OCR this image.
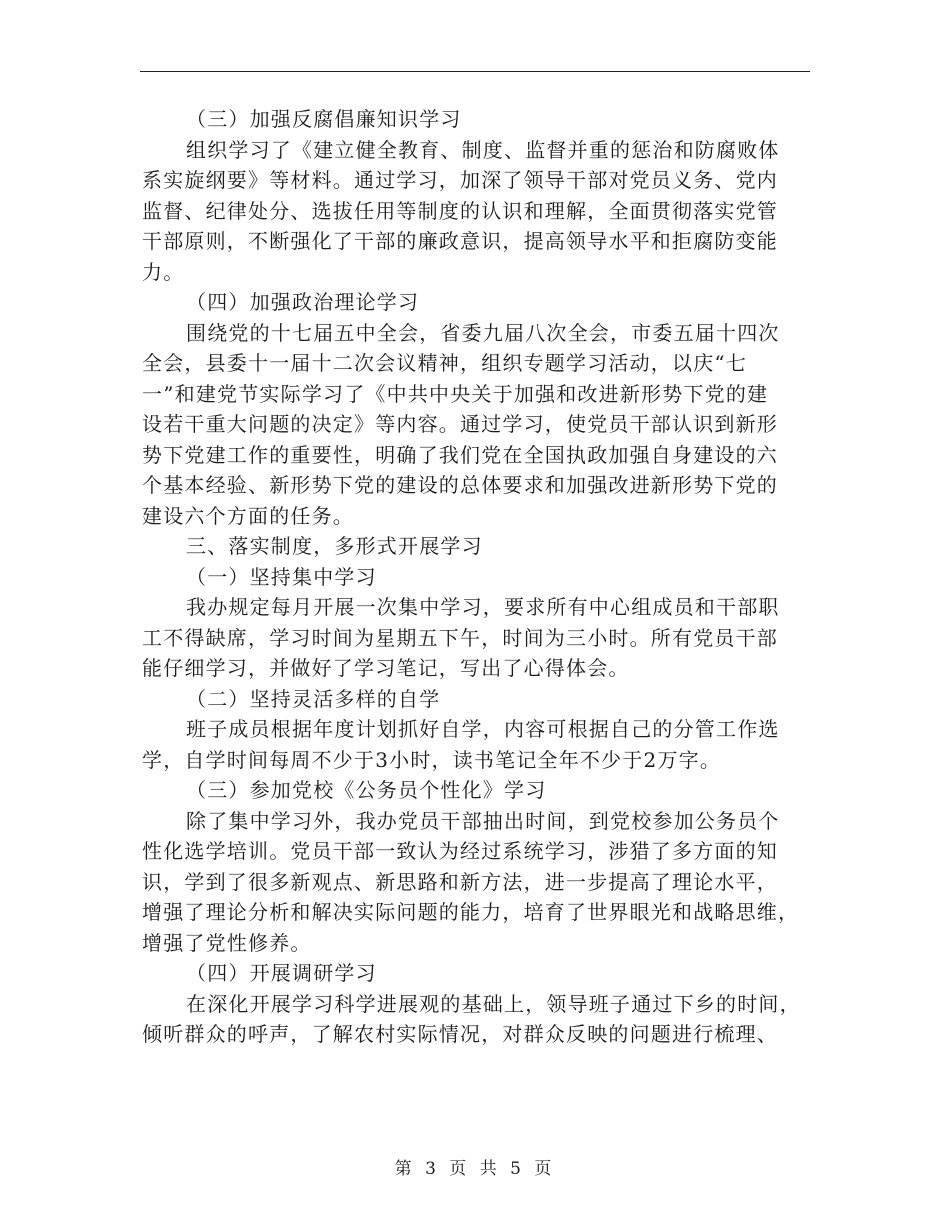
（三）加强反腐倡廉知识学习
组织学习了《建立健全教育、制度、监督并重的惩治和防腐败体
系实旋纲要》等材料。通过学习，加深了领导干部对党员义务、党内
监督、纪律处分、选拔任用等制度的认识和理解，全面贯彻落实党管
干部原则，不断强化了干部的廉政意识，提高领导水平和拒腐防变能
力。
（四）加强政治理论学习
围绕党的十七届五中全会，省委九届八次全会，市委五届十四次
全会，县委十一届十二次会议精神，组织专题学习活动，以庆“七
一”和建党节实际学习了《中共中央关于加强和改进新形势下党的建
设若干重大问题的决定》等内容。通过学习，使党员干部认识到新形
势下党建工作的重要性，明确了我们党在全国执政加强自身建设的六
个基本经验、新形势下党的建设的总体要求和加强改进新形势下党的
建设六个方面的任务。
三、落实制度，多形式开展学习
（一）坚持集中学习
我办规定每月开展一次集中学习，要求所有中心组成员和干部职
工不得缺席，学习时间为星期五下午，时间为三小时。所有党员干部
能仔细学习，并做好了学习笔记，写出了心得体会。
（二）坚持灵活多样的自学
班子成员根据年度计划抓好自学，内容可根据自己的分管工作选
学，自学时间每周不少于3小时，读书笔记全年不少于2万字。
（三）参加党校《公务员个性化》学习
除了集中学习外，我办党员干部抽出时间，到党校参加公务员个
性化选学培训。党员干部一致认为经过系统学习，涉猎了多方面的知
识，学到了很多新观点、新思路和新方法，进一步提高了理论水平，
增强了理论分析和解决实际问题的能力，培育了世界眼光和战略思维，
增强了党性修养。
（四）开展调研学习
在深化开展学习科学进展观的基础上，领导班子通过下乡的时间，
倾听群众的呼声，了解农村实际情况，对群众反映的问题进行梳理、
第 3 页 共 5 页
